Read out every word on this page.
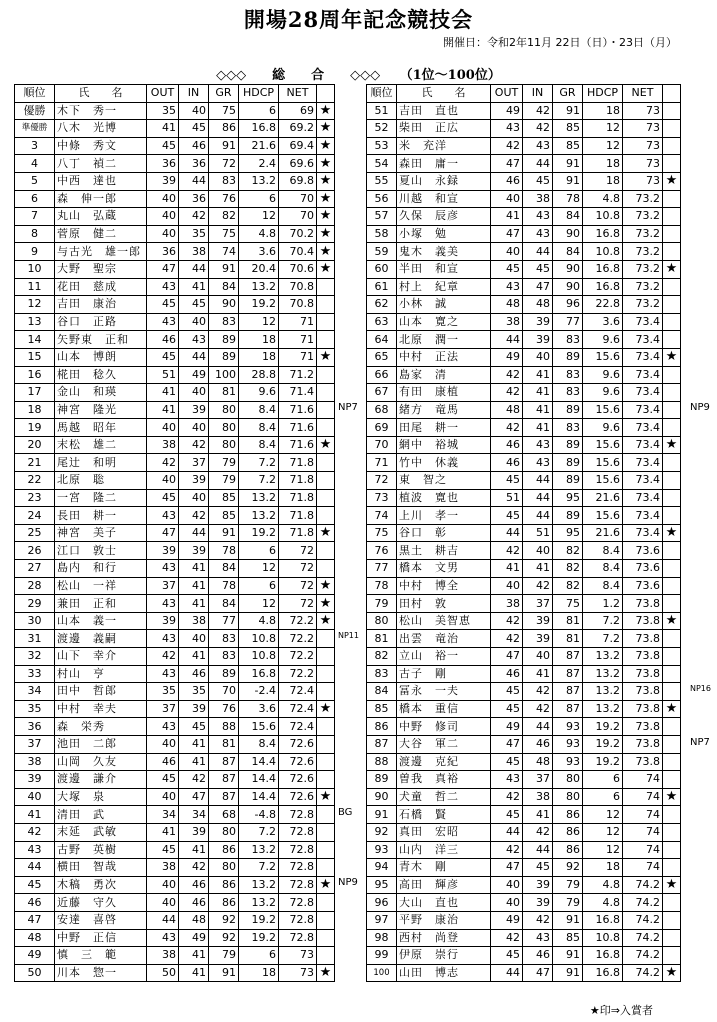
開場28周年記念競技会
開催日：令和2年11月 22日（日）・23日（月）
◇◇◇　　総　　合　　◇◇◇　　（1位～100位）
順位	氏　　名	OUT	IN	GR	HDCP	NET	
優勝	木下　秀一	35	40	75	6	69	★
準優勝	八木　光博	41	45	86	16.8	69.2	★
3	中條　秀文	45	46	91	21.6	69.4	★
4	八丁　禎二	36	36	72	2.4	69.6	★
5	中西　達也	39	44	83	13.2	69.8	★
6	森　伸一郎	40	36	76	6	70	★
7	丸山　弘蔵	40	42	82	12	70	★
8	菅原　健二	40	35	75	4.8	70.2	★
9	与古光　雄一郎	36	38	74	3.6	70.4	★
10	大野　聖宗	47	44	91	20.4	70.6	★
11	花田　慈成	43	41	84	13.2	70.8	
12	吉田　康治	45	45	90	19.2	70.8	
13	谷口　正路	43	40	83	12	71	
14	矢野東　正和	46	43	89	18	71	
15	山本　博朗	45	44	89	18	71	★
16	椛田　稔久	51	49	100	28.8	71.2	
17	金山　和瑛	41	40	81	9.6	71.4	
18	神宮　隆光	41	39	80	8.4	71.6	
19	馬越　昭年	40	40	80	8.4	71.6	
20	末松　雄二	38	42	80	8.4	71.6	★
21	尾辻　和明	42	37	79	7.2	71.8	
22	北原　聡	40	39	79	7.2	71.8	
23	一宮　隆二	45	40	85	13.2	71.8	
24	長田　耕一	43	42	85	13.2	71.8	
25	神宮　美子	47	44	91	19.2	71.8	★
26	江口　敦士	39	39	78	6	72	
27	島内　和行	43	41	84	12	72	
28	松山　一祥	37	41	78	6	72	★
29	兼田　正和	43	41	84	12	72	★
30	山本　義一	39	38	77	4.8	72.2	★
31	渡邊　義嗣	43	40	83	10.8	72.2	
32	山下　幸介	42	41	83	10.8	72.2	
33	村山　亨	43	46	89	16.8	72.2	
34	田中　哲郎	35	35	70	-2.4	72.4	
35	中村　幸夫	37	39	76	3.6	72.4	★
36	森　栄秀	43	45	88	15.6	72.4	
37	池田　二郎	40	41	81	8.4	72.6	
38	山岡　久友	46	41	87	14.4	72.6	
39	渡邊　謙介	45	42	87	14.4	72.6	
40	大塚　泉	40	47	87	14.4	72.6	★
41	清田　武	34	34	68	-4.8	72.8	
42	末延　武敏	41	39	80	7.2	72.8	
43	古野　英樹	45	41	86	13.2	72.8	
44	横田　智哉	38	42	80	7.2	72.8	
45	木稿　勇次	40	46	86	13.2	72.8	★
46	近藤　守久	40	46	86	13.2	72.8	
47	安達　喜啓	44	48	92	19.2	72.8	
48	中野　正信	43	49	92	19.2	72.8	
49	慎　三　範	38	41	79	6	73	
50	川本　惣一	50	41	91	18	73	★
順位	氏　　名	OUT	IN	GR	HDCP	NET	
51	吉田　直也	49	42	91	18	73	
52	柴田　正広	43	42	85	12	73	
53	米　充洋	42	43	85	12	73	
54	森田　庸一	47	44	91	18	73	
55	夏山　永録	46	45	91	18	73	★
56	川越　和宣	40	38	78	4.8	73.2	
57	久保　辰彦	41	43	84	10.8	73.2	
58	小塚　勉	47	43	90	16.8	73.2	
59	鬼木　義美	40	44	84	10.8	73.2	
60	半田　和宣	45	45	90	16.8	73.2	★
61	村上　紀章	43	47	90	16.8	73.2	
62	小林　誠	48	48	96	22.8	73.2	
63	山本　寛之	38	39	77	3.6	73.4	
64	北原　潤一	44	39	83	9.6	73.4	
65	中村　正法	49	40	89	15.6	73.4	★
66	島家　清	42	41	83	9.6	73.4	
67	有田　康植	42	41	83	9.6	73.4	
68	緒方　竜馬	48	41	89	15.6	73.4	
69	田尾　耕一	42	41	83	9.6	73.4	
70	網中　裕城	46	43	89	15.6	73.4	★
71	竹中　休義	46	43	89	15.6	73.4	
72	東　智之	45	44	89	15.6	73.4	
73	植波　寛也	51	44	95	21.6	73.4	
74	上川　孝一	45	44	89	15.6	73.4	
75	谷口　彰	44	51	95	21.6	73.4	★
76	黒土　耕吉	42	40	82	8.4	73.6	
77	橋本　文男	41	41	82	8.4	73.6	
78	中村　博全	40	42	82	8.4	73.6	
79	田村　敦	38	37	75	1.2	73.8	
80	松山　美智恵	42	39	81	7.2	73.8	★
81	出雲　竜治	42	39	81	7.2	73.8	
82	立山　裕一	47	40	87	13.2	73.8	
83	古子　剛	46	41	87	13.2	73.8	
84	冨永　一夫	45	42	87	13.2	73.8	
85	橋本　重信	45	42	87	13.2	73.8	★
86	中野　修司	49	44	93	19.2	73.8	
87	大谷　軍二	47	46	93	19.2	73.8	
88	渡邊　克紀	45	48	93	19.2	73.8	
89	曽我　真裕	43	37	80	6	74	
90	犬童　哲二	42	38	80	6	74	★
91	石橋　賢	45	41	86	12	74	
92	真田　宏昭	44	42	86	12	74	
93	山内　洋三	42	44	86	12	74	
94	青木　剛	47	45	92	18	74	
95	高田　輝彦	40	39	79	4.8	74.2	★
96	大山　直也	40	39	79	4.8	74.2	
97	平野　康治	49	42	91	16.8	74.2	
98	西村　尚登	42	43	85	10.8	74.2	
99	伊原　崇行	45	46	91	16.8	74.2	
100	山田　博志	44	47	91	16.8	74.2	★
NP7
NP11
BG
NP9
NP9
NP16
NP7
★印⇒入賞者
